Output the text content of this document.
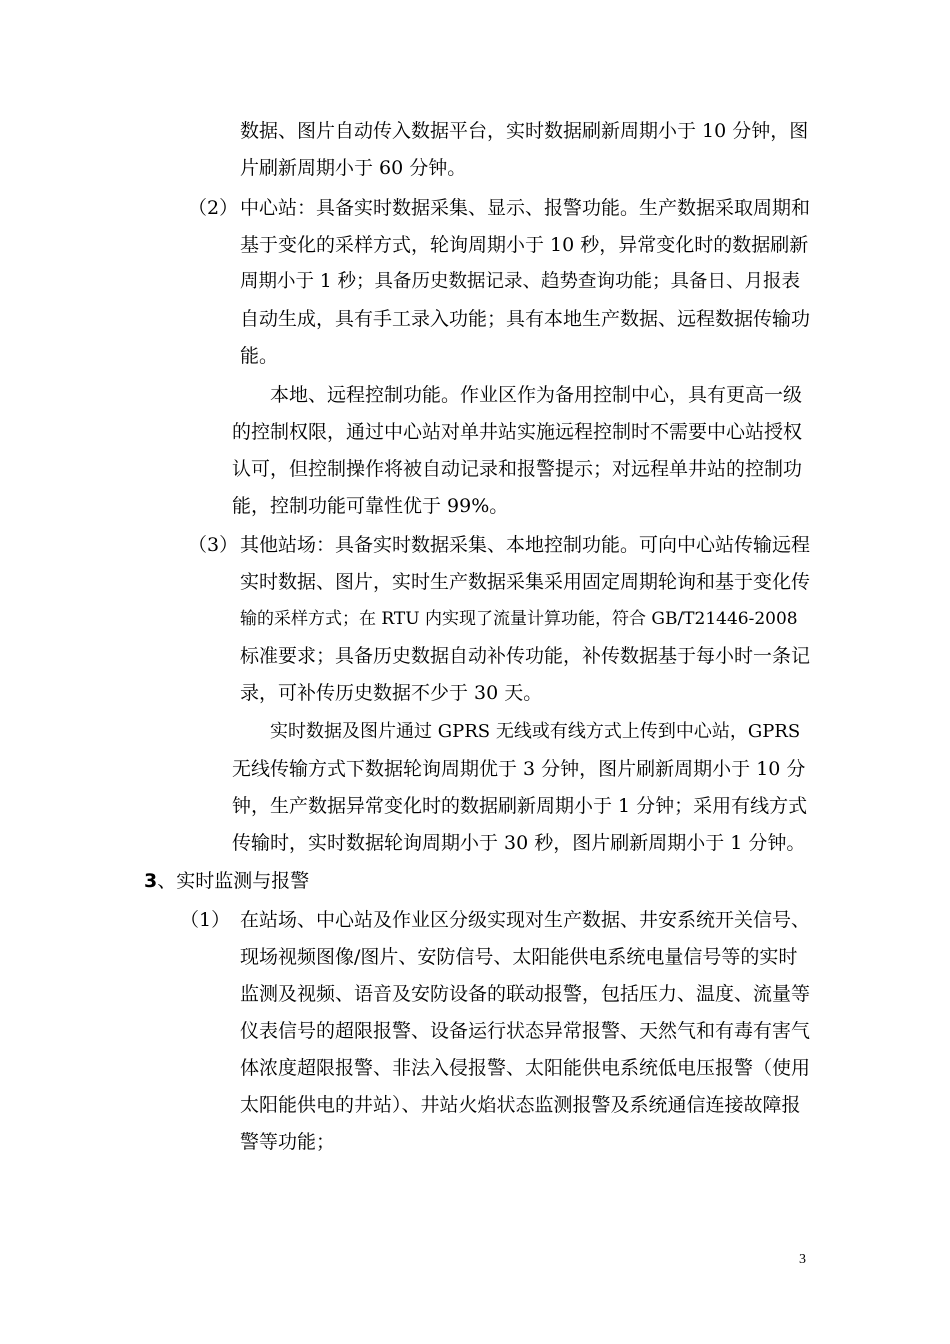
数据、图片自动传入数据平台，实时数据刷新周期小于 10 分钟，图
片刷新周期小于 60 分钟。
（2） 中心站：具备实时数据采集、显示、报警功能。生产数据采取周期和
基于变化的采样方式，轮询周期小于 10 秒，异常变化时的数据刷新
周期小于 1 秒；具备历史数据记录、趋势查询功能；具备日、月报表
自动生成，具有手工录入功能；具有本地生产数据、远程数据传输功
能。
本地、远程控制功能。作业区作为备用控制中心，具有更高一级
的控制权限，通过中心站对单井站实施远程控制时不需要中心站授权
认可，但控制操作将被自动记录和报警提示；对远程单井站的控制功
能，控制功能可靠性优于 99%。
（3） 其他站场：具备实时数据采集、本地控制功能。可向中心站传输远程
实时数据、图片，实时生产数据采集采用固定周期轮询和基于变化传
输的采样方式；在 RTU 内实现了流量计算功能，符合 GB/T21446-2008
标准要求；具备历史数据自动补传功能，补传数据基于每小时一条记
录，可补传历史数据不少于 30 天。
实时数据及图片通过 GPRS 无线或有线方式上传到中心站，GPRS
无线传输方式下数据轮询周期优于 3 分钟，图片刷新周期小于 10 分
钟，生产数据异常变化时的数据刷新周期小于 1 分钟；采用有线方式
传输时，实时数据轮询周期小于 30 秒，图片刷新周期小于 1 分钟。
3、实时监测与报警
（1） 在站场、中心站及作业区分级实现对生产数据、井安系统开关信号、
现场视频图像/图片、安防信号、太阳能供电系统电量信号等的实时
监测及视频、语音及安防设备的联动报警，包括压力、温度、流量等
仪表信号的超限报警、设备运行状态异常报警、天然气和有毒有害气
体浓度超限报警、非法入侵报警、太阳能供电系统低电压报警（使用
太阳能供电的井站）、井站火焰状态监测报警及系统通信连接故障报
警等功能；
3
